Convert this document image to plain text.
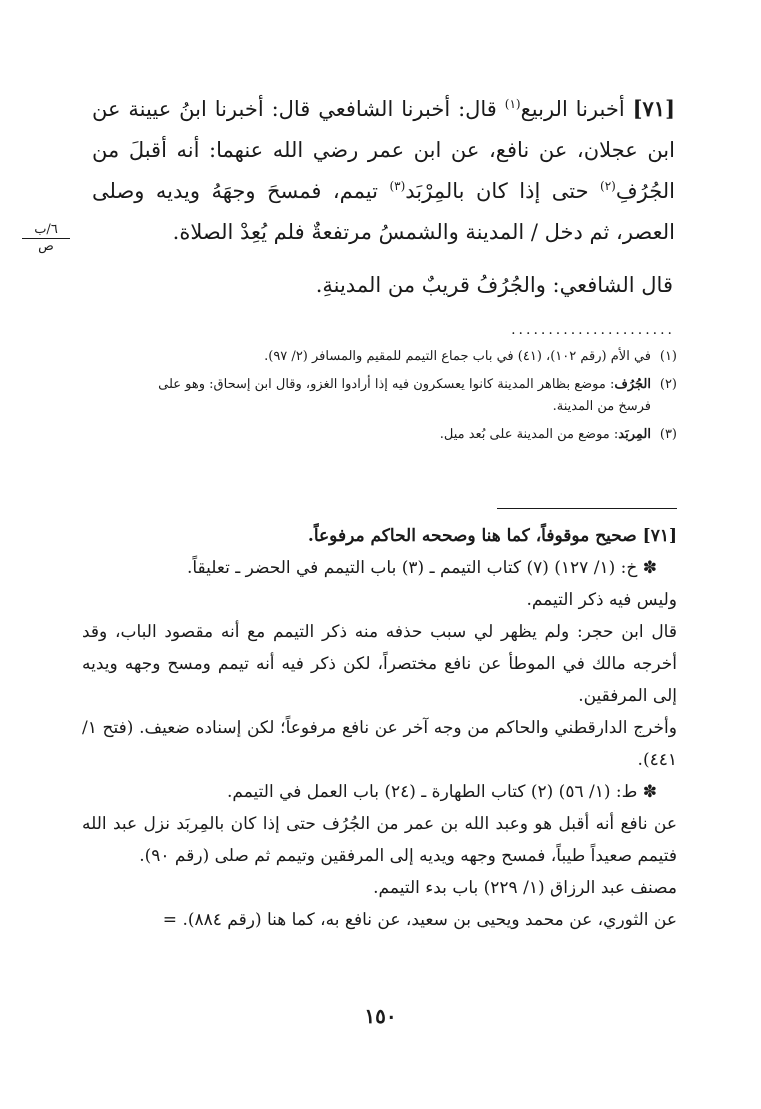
[٧١] أخبرنا الربيع$^{(١)}$ قال: أخبرنا الشافعي قال: أخبرنا ابنُ عيينة عن ابن عجلان، عن نافع، عن ابن عمر رضي الله عنهما: أنه أقبلَ من الجُرُفِ$^{(٢)}$ حتى إذا كان بالمِرْبَد$^{(٣)}$ تيمم، فمسحَ وجهَهُ ويديه وصلى العصر، ثم دخل / المدينة والشمسُ مرتفعةٌ فلم يُعِدْ الصلاة.

قال الشافعي: والجُرُفُ قريبٌ من المدينةِ.

٦/ب
ص
......................
(١)في الأم (رقم ١٠٢)، (٤١) في باب جماع التيمم للمقيم والمسافر (٢/ ٩٧).
(٢)الجُرُف: موضع بظاهر المدينة كانوا يعسكرون فيه إذا أرادوا الغزو، وقال ابن إسحاق: وهو على
فرسخ من المدينة.
(٣)المِربَد: موضع من المدينة على بُعد ميل.

[٧١] صحيح موقوفاً، كما هنا وصححه الحاكم مرفوعاً.

✽ خ: (١/ ١٢٧) (٧) كتاب التيمم ـ (٣) باب التيمم في الحضر ـ تعليقاً.

وليس فيه ذكر التيمم.

قال ابن حجر: ولم يظهر لي سبب حذفه منه ذكر التيمم مع أنه مقصود الباب، وقد أخرجه مالك في الموطأ عن نافع مختصراً، لكن ذكر فيه أنه تيمم ومسح وجهه ويديه إلى المرفقين.

وأخرج الدارقطني والحاكم من وجه آخر عن نافع مرفوعاً؛ لكن إسناده ضعيف. (فتح ١/ ٤٤١).

✽ ط: (١/ ٥٦) (٢) كتاب الطهارة ـ (٢٤) باب العمل في التيمم.

عن نافع أنه أقبل هو وعبد الله بن عمر من الجُرُف حتى إذا كان بالمِربَد نزل عبد الله فتيمم صعيداً طيباً، فمسح وجهه ويديه إلى المرفقين وتيمم ثم صلى (رقم ٩٠).

مصنف عبد الرزاق (١/ ٢٢٩) باب بدء التيمم.

عن الثوري، عن محمد ويحيى بن سعيد، عن نافع به، كما هنا (رقم ٨٨٤). =

١٥٠
